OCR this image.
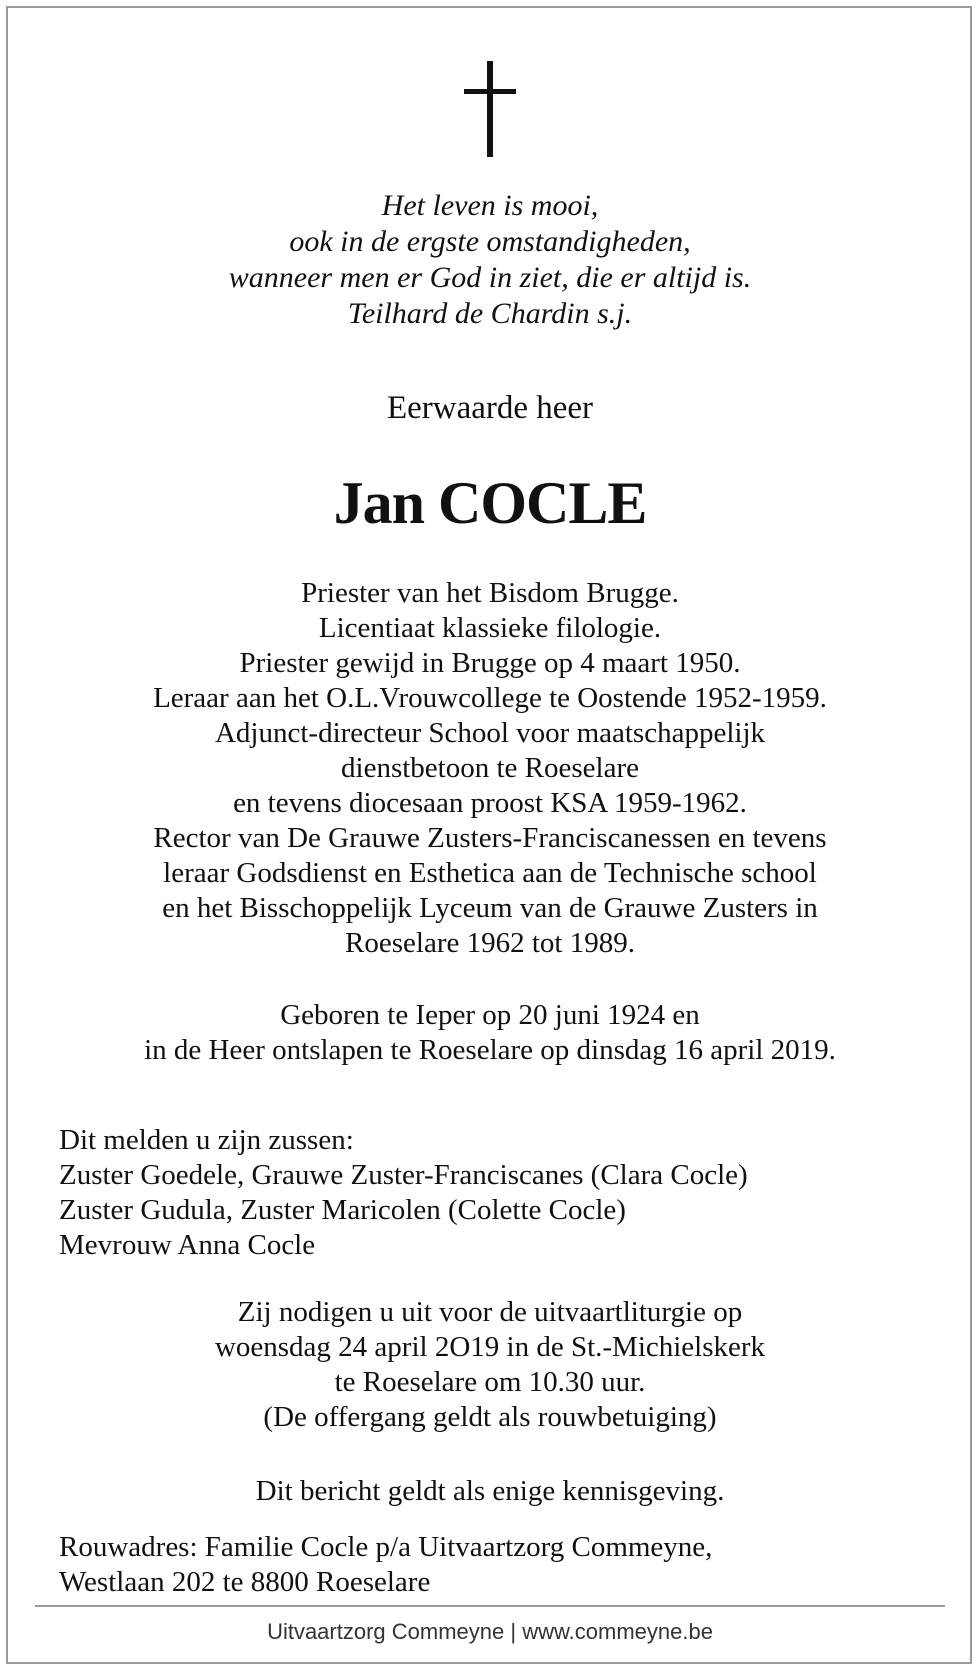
Het leven is mooi,
ook in de ergste omstandigheden,
wanneer men er God in ziet, die er altijd is.
Teilhard de Chardin s.j.
Eerwaarde heer
Jan COCLE
Priester van het Bisdom Brugge.
Licentiaat klassieke filologie.
Priester gewijd in Brugge op 4 maart 1950.
Leraar aan het O.L.Vrouwcollege te Oostende 1952-1959.
Adjunct-directeur School voor maatschappelijk
dienstbetoon te Roeselare
en tevens diocesaan proost KSA 1959-1962.
Rector van De Grauwe Zusters-Franciscanessen en tevens
leraar Godsdienst en Esthetica aan de Technische school
en het Bisschoppelijk Lyceum van de Grauwe Zusters in
Roeselare 1962 tot 1989.
Geboren te Ieper op 20 juni 1924 en
in de Heer ontslapen te Roeselare op dinsdag 16 april 2019.
Dit melden u zijn zussen:
Zuster Goedele, Grauwe Zuster-Franciscanes (Clara Cocle)
Zuster Gudula, Zuster Maricolen (Colette Cocle)
Mevrouw Anna Cocle
Zij nodigen u uit voor de uitvaartliturgie op
woensdag 24 april 2O19 in de St.-Michielskerk
te Roeselare om 10.30 uur.
(De offergang geldt als rouwbetuiging)
Dit bericht geldt als enige kennisgeving.
Rouwadres: Familie Cocle p/a Uitvaartzorg Commeyne,
Westlaan 202 te 8800 Roeselare
Uitvaartzorg Commeyne | www.commeyne.be
